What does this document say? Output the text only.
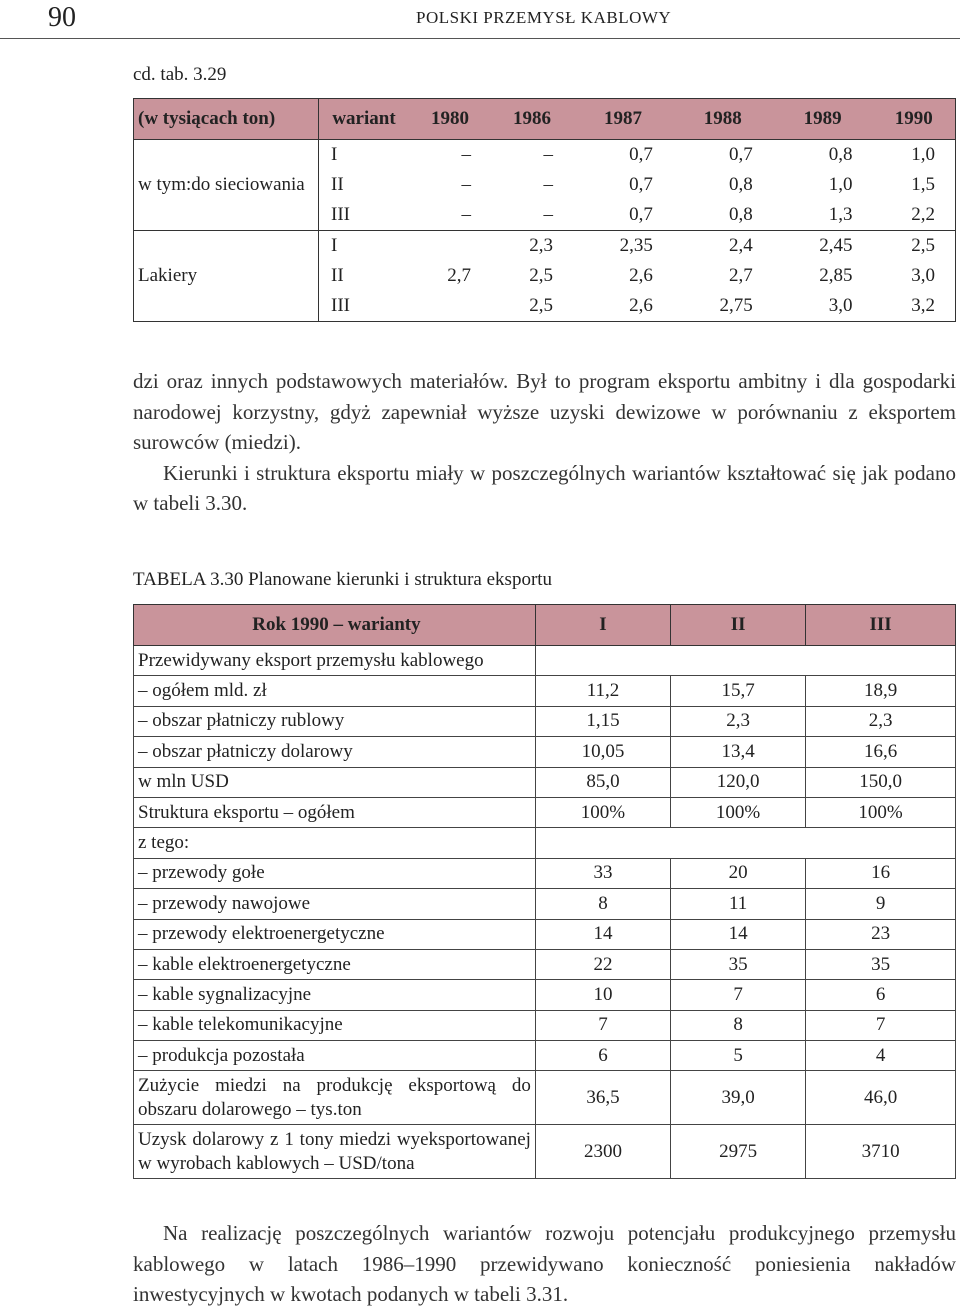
90	POLSKI PRZEMYSŁ KABLOWY
cd. tab. 3.29
(w tysiącach ton)	wariant	1980	1986	1987	1988	1989	1990
w tym:do sieciowania	I	–	–	0,7	0,7	0,8	1,0
	II	–	–	0,7	0,8	1,0	1,5
	III	–	–	0,7	0,8	1,3	2,2
Lakiery	I		2,3	2,35	2,4	2,45	2,5
	II	2,7	2,5	2,6	2,7	2,85	3,0
	III		2,5	2,6	2,75	3,0	3,2

dzi oraz innych podstawowych materiałów. Był to program eksportu ambitny i dla gospodarki narodowej korzystny, gdyż zapewniał wyższe uzyski dewizowe w porównaniu z eksportem surowców (miedzi).

Kierunki i struktura eksportu miały w poszczególnych wariantów kształtować się jak podano w tabeli 3.30.

TABELA 3.30 Planowane kierunki i struktura eksportu
Rok 1990 – warianty	I	II	III
Przewidywany eksport przemysłu kablowego			
– ogółem mld. zł	11,2	15,7	18,9
– obszar płatniczy rublowy	1,15	2,3	2,3
– obszar płatniczy dolarowy	10,05	13,4	16,6
w mln USD	85,0	120,0	150,0
Struktura eksportu – ogółem	100%	100%	100%
z tego:			
– przewody gołe	33	20	16
– przewody nawojowe	8	11	9
– przewody elektroenergetyczne	14	14	23
– kable elektroenergetyczne	22	35	35
– kable sygnalizacyjne	10	7	6
– kable telekomunikacyjne	7	8	7
– produkcja pozostała	6	5	4
Zużycie miedzi na produkcję eksportową do obszaru dolarowego – tys.ton	36,5	39,0	46,0
Uzysk dolarowy z 1 tony miedzi wyeksportowanej w wyrobach kablowych – USD/tona	2300	2975	3710

Na realizację poszczególnych wariantów rozwoju potencjału produkcyjnego przemysłu kablowego w latach 1986–1990 przewidywano konieczność poniesienia nakładów inwestycyjnych w kwotach podanych w tabeli 3.31.
